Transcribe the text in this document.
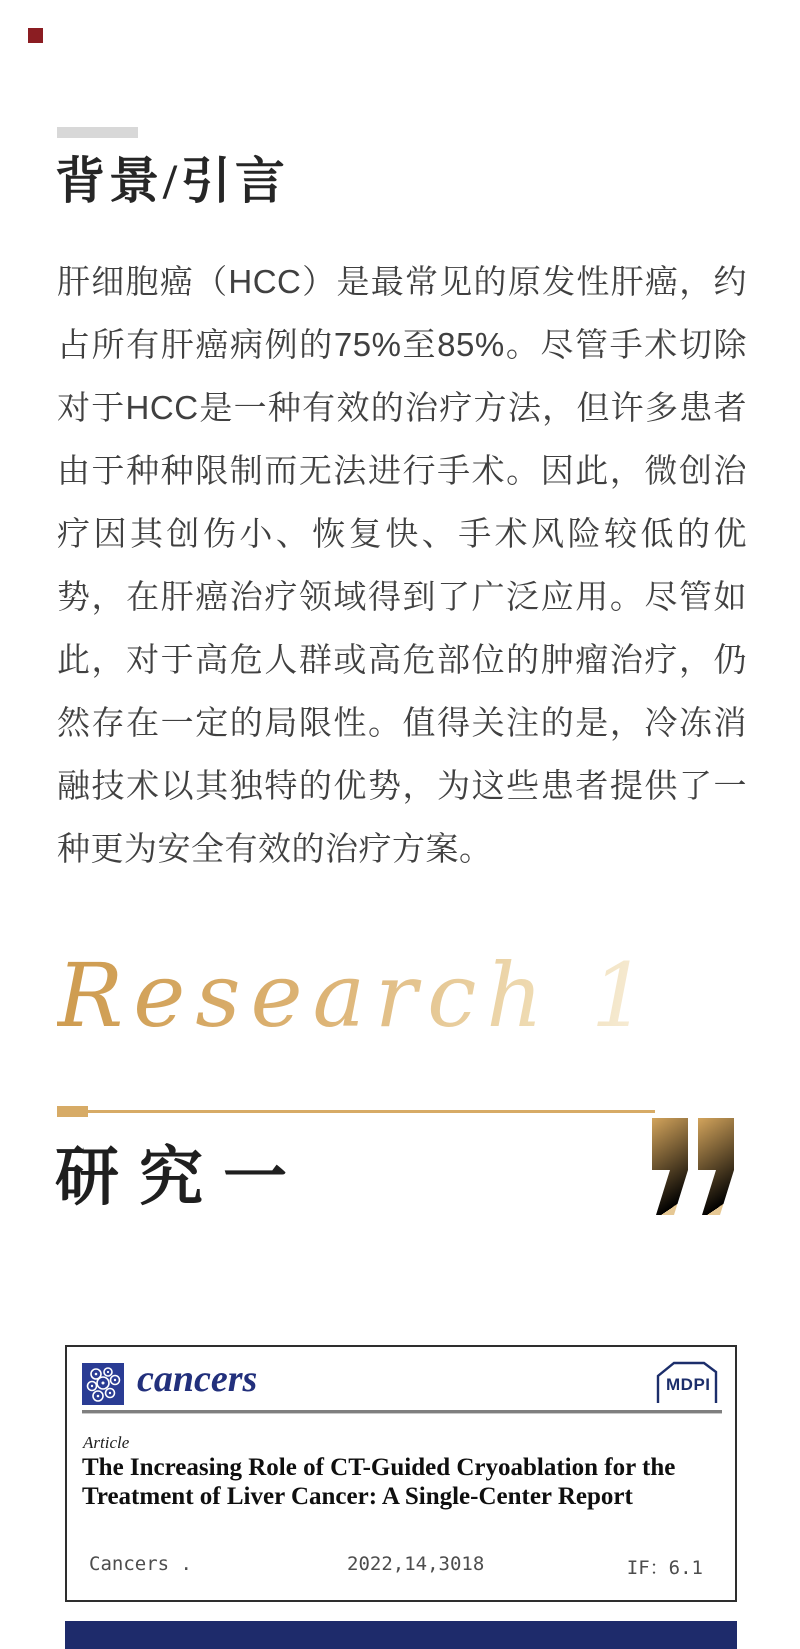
背景/引言

肝细胞癌（HCC）是最常见的原发性肝癌，约占所有肝癌病例的75%至85%。尽管手术切除对于HCC是一种有效的治疗方法，但许多患者由于种种限制而无法进行手术。因此，微创治疗因其创伤小、恢复快、手术风险较低的优势，在肝癌治疗领域得到了广泛应用。尽管如此，对于高危人群或高危部位的肿瘤治疗，仍然存在一定的局限性。值得关注的是，冷冻消融技术以其独特的优势，为这些患者提供了一种更为安全有效的治疗方案。

Research 1
研究一
cancers	MDPI
Article
The Increasing Role of CT-Guided Cryoablation for the
Treatment of Liver Cancer: A Single-Center Report
Cancers .	2022,14,3018	IF：6.1
